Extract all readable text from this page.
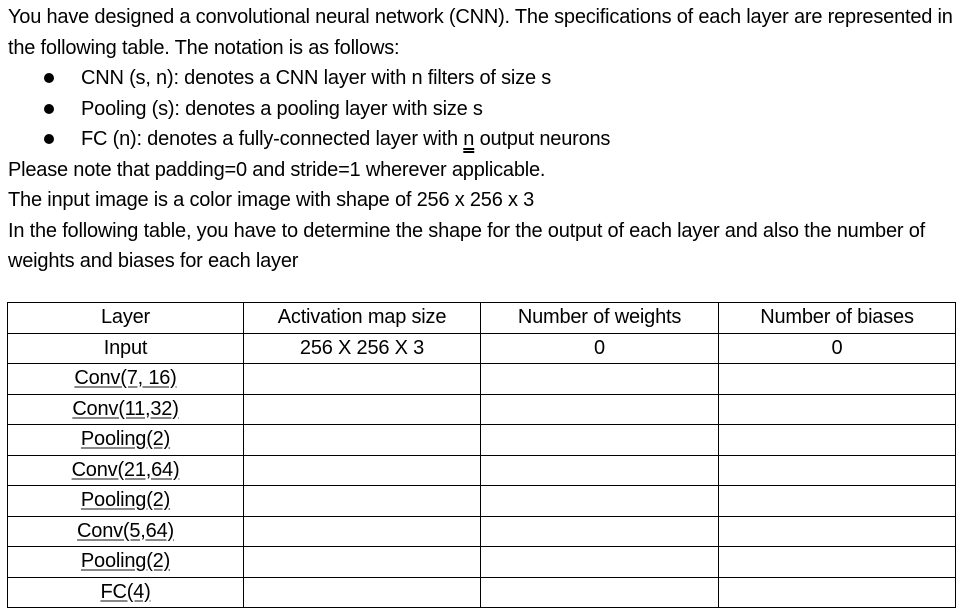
You have designed a convolutional neural network (CNN). The specifications of each layer are represented in the following table. The notation is as follows:

CNN (s, n): denotes a CNN layer with n filters of size s
Pooling (s): denotes a pooling layer with size s
FC (n): denotes a fully-connected layer with n output neurons

Please note that padding=0 and stride=1 wherever applicable.

The input image is a color image with shape of 256 x 256 x 3

In the following table, you have to determine the shape for the output of each layer and also the number of weights and biases for each layer

Layer	Activation map size	Number of weights	Number of biases
Input	256 X 256 X 3	0	0
Conv(7, 16)			
Conv(11,32)			
Pooling(2)			
Conv(21,64)			
Pooling(2)			
Conv(5,64)			
Pooling(2)			
FC(4)			
